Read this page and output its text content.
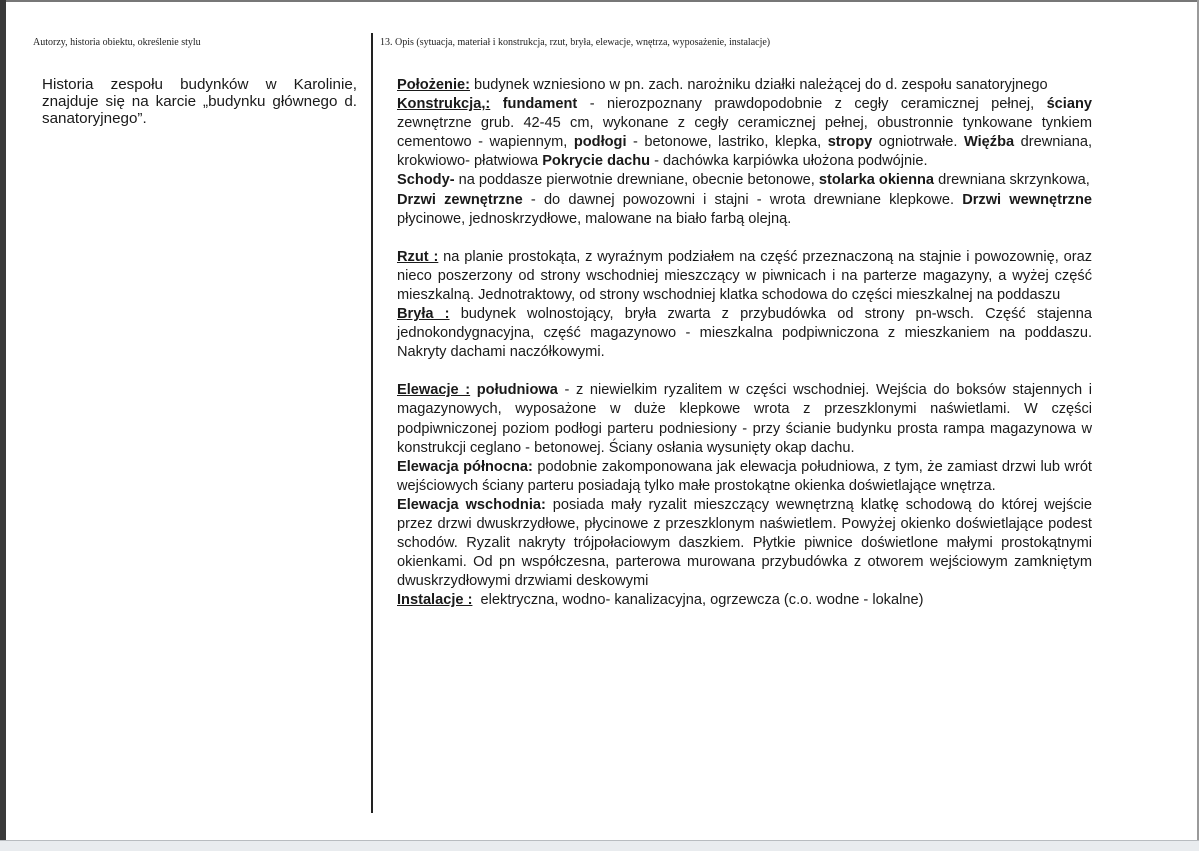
Autorzy, historia obiektu, określenie stylu	13. Opis (sytuacja, materiał i konstrukcja, rzut, bryła, elewacje, wnętrza, wyposażenie, instalacje)
Historia zespołu budynków w Karolinie, znajduje się na karcie „budynku głównego d. sanatoryjnego”.

Położenie: budynek wzniesiono w pn. zach. narożniku działki należącej do d. zespołu sanatoryjnego

Konstrukcja,: fundament - nierozpoznany prawdopodobnie z cegły ceramicznej pełnej, ściany zewnętrzne grub. 42-45 cm, wykonane z cegły ceramicznej pełnej, obustronnie tynkowane tynkiem cementowo - wapiennym, podłogi - betonowe, lastriko, klepka, stropy ogniotrwałe. Więźba drewniana, krokwiowo- płatwiowa Pokrycie dachu - dachówka karpiówka ułożona podwójnie.

Schody- na poddasze pierwotnie drewniane, obecnie betonowe, stolarka okienna drewniana skrzynkowa,

Drzwi zewnętrzne - do dawnej powozowni i stajni - wrota drewniane klepkowe. Drzwi wewnętrzne płycinowe, jednoskrzydłowe, malowane na biało farbą olejną.

Rzut : na planie prostokąta, z wyraźnym podziałem na część przeznaczoną na stajnie i powozownię, oraz nieco poszerzony od strony wschodniej mieszczący w piwnicach i na parterze magazyny, a wyżej część mieszkalną. Jednotraktowy, od strony wschodniej klatka schodowa do części mieszkalnej na poddaszu

Bryła : budynek wolnostojący, bryła zwarta z przybudówka od strony pn-wsch. Część stajenna jednokondygnacyjna, część magazynowo - mieszkalna podpiwniczona z mieszkaniem na poddaszu. Nakryty dachami naczółkowymi.

Elewacje : południowa - z niewielkim ryzalitem w części wschodniej. Wejścia do boksów stajennych i magazynowych, wyposażone w duże klepkowe wrota z przeszklonymi naświetlami. W części podpiwniczonej poziom podłogi parteru podniesiony - przy ścianie budynku prosta rampa magazynowa w konstrukcji ceglano - betonowej. Ściany osłania wysunięty okap dachu.

Elewacja północna: podobnie zakomponowana jak elewacja południowa, z tym, że zamiast drzwi lub wrót wejściowych ściany parteru posiadają tylko małe prostokątne okienka doświetlające wnętrza.

Elewacja wschodnia: posiada mały ryzalit mieszczący wewnętrzną klatkę schodową do której wejście przez drzwi dwuskrzydłowe, płycinowe z przeszklonym naświetlem. Powyżej okienko doświetlające podest schodów. Ryzalit nakryty trójpołaciowym daszkiem. Płytkie piwnice doświetlone małymi prostokątnymi okienkami. Od pn współczesna, parterowa murowana przybudówka z otworem wejściowym zamkniętym dwuskrzydłowymi drzwiami deskowymi

Instalacje :  elektryczna, wodno- kanalizacyjna, ogrzewcza (c.o. wodne - lokalne)
